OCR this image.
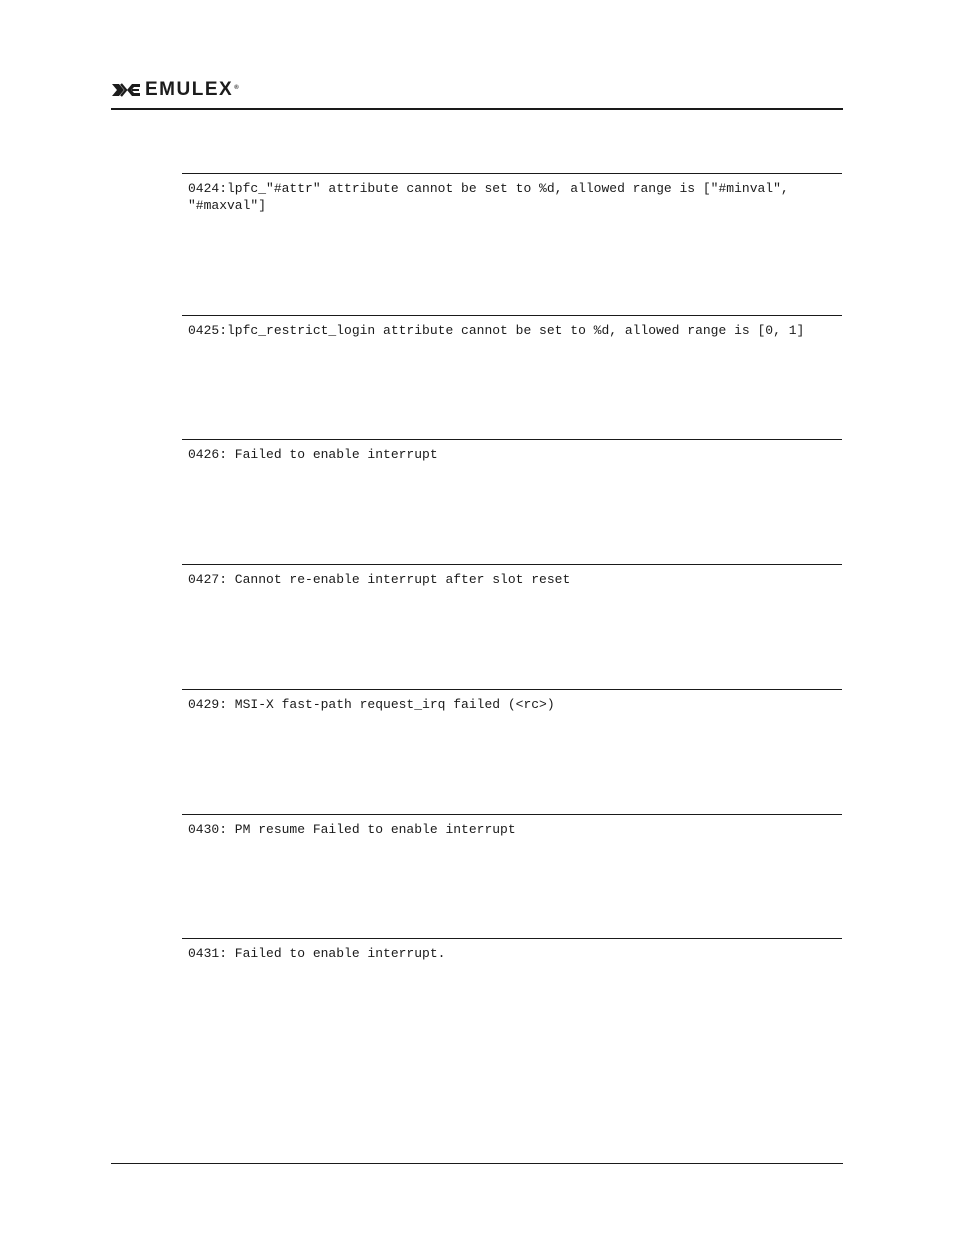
EMULEX®
0424:lpfc_"#attr" attribute cannot be set to %d, allowed range is ["#minval",
"#maxval"]
0425:lpfc_restrict_login attribute cannot be set to %d, allowed range is [0, 1]
0426: Failed to enable interrupt
0427: Cannot re-enable interrupt after slot reset
0429: MSI-X fast-path request_irq failed (<rc>)
0430: PM resume Failed to enable interrupt
0431: Failed to enable interrupt.
